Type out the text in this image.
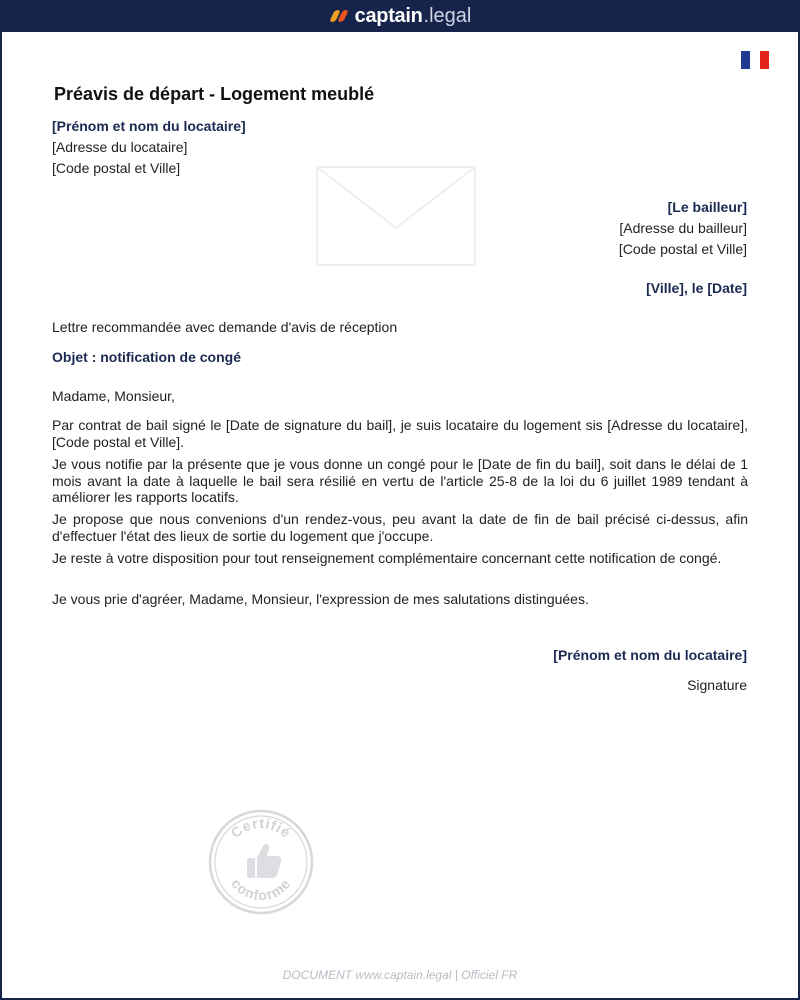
captain .legal
Préavis de départ - Logement meublé
[Prénom et nom du locataire]
[Adresse du locataire]
[Code postal et Ville]
[Le bailleur]
[Adresse du bailleur]
[Code postal et Ville]
[Ville], le [Date]
Lettre recommandée avec demande d'avis de réception
Objet : notification de congé
Madame, Monsieur,

Par contrat de bail signé le [Date de signature du bail], je suis locataire du logement sis [Adresse du locataire], [Code postal et Ville].

Je vous notifie par la présente que je vous donne un congé pour le [Date de fin du bail], soit dans le délai de 1 mois avant la date à laquelle le bail sera résilié en vertu de l'article 25-8 de la loi du 6 juillet 1989 tendant à améliorer les rapports locatifs.

Je propose que nous convenions d'un rendez-vous, peu avant la date de fin de bail précisé ci-dessus, afin d'effectuer l'état des lieux de sortie du logement que j'occupe.

Je reste à votre disposition pour tout renseignement complémentaire concernant cette notification de congé.

Je vous prie d'agréer, Madame, Monsieur, l'expression de mes salutations distinguées.

[Prénom et nom du locataire]
Signature
Certifié
conforme
DOCUMENT www.captain.legal | Officiel FR
